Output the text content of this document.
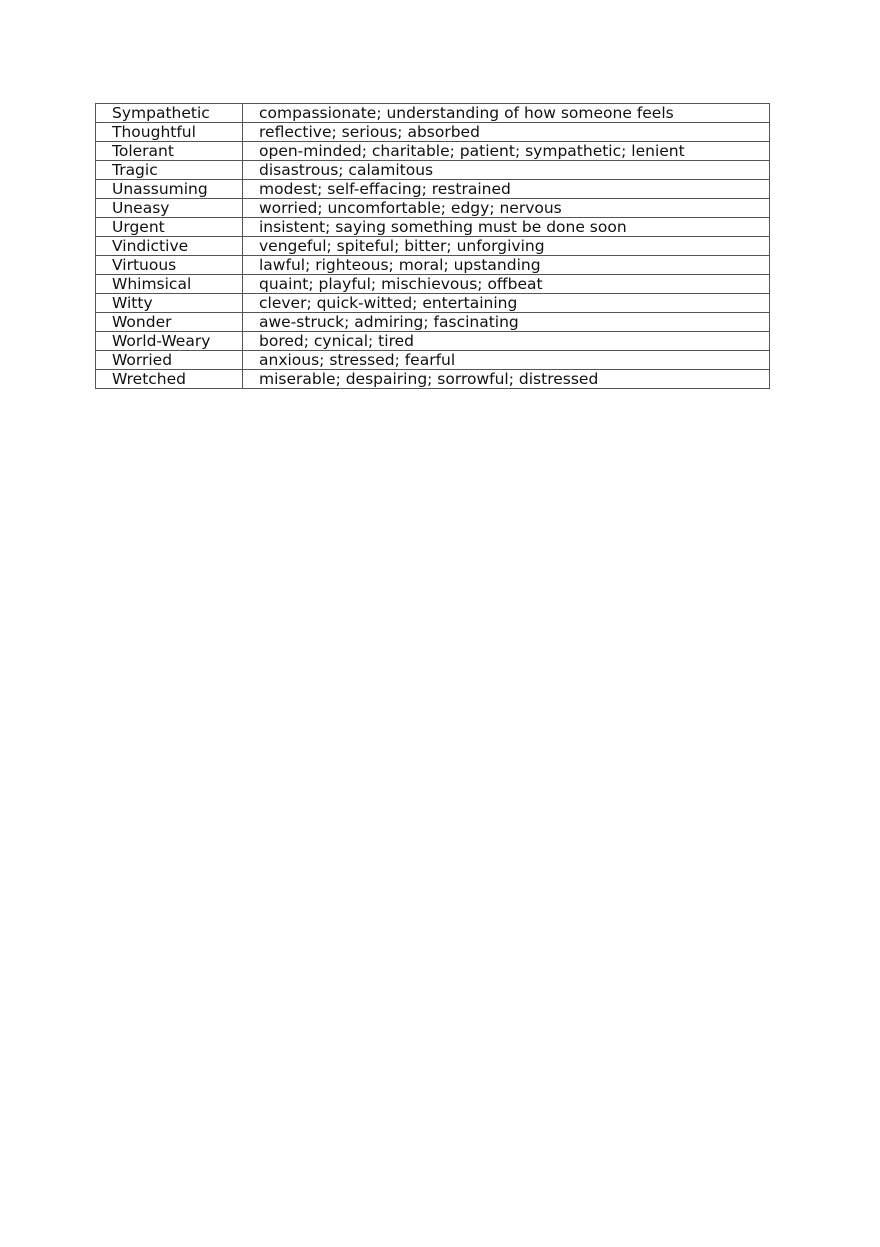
Sympathetic	compassionate; understanding of how someone feels
Thoughtful	reflective; serious; absorbed
Tolerant	open-minded; charitable; patient; sympathetic; lenient
Tragic	disastrous; calamitous
Unassuming	modest; self-effacing; restrained
Uneasy	worried; uncomfortable; edgy; nervous
Urgent	insistent; saying something must be done soon
Vindictive	vengeful; spiteful; bitter; unforgiving
Virtuous	lawful; righteous; moral; upstanding
Whimsical	quaint; playful; mischievous; offbeat
Witty	clever; quick-witted; entertaining
Wonder	awe-struck; admiring; fascinating
World-Weary	bored; cynical; tired
Worried	anxious; stressed; fearful
Wretched	miserable; despairing; sorrowful; distressed
